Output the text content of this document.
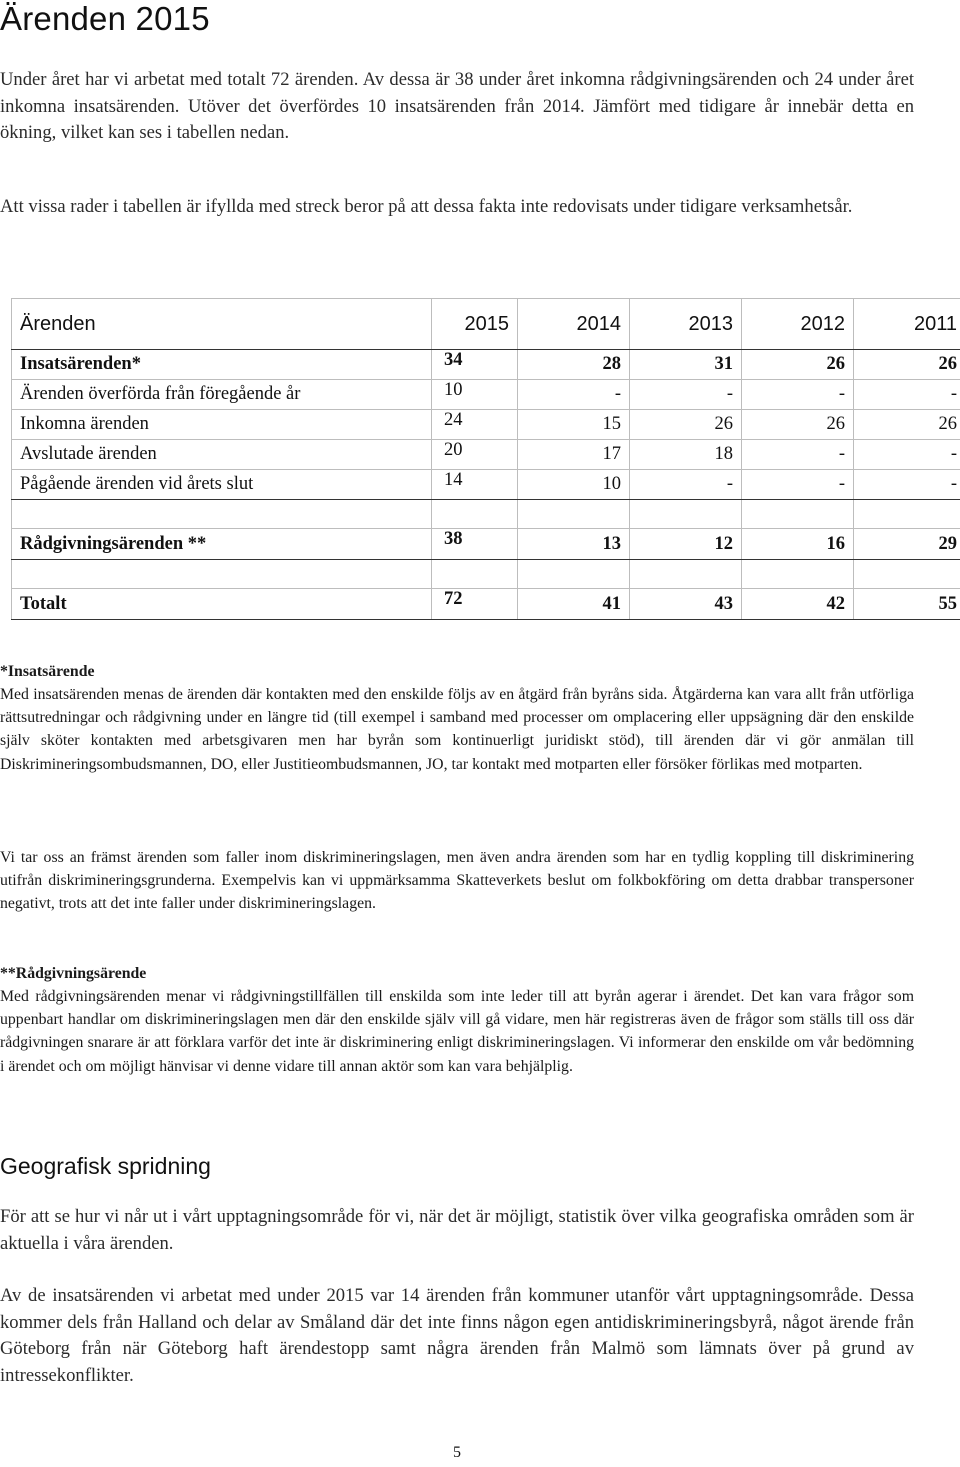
Ärenden 2015

Under året har vi arbetat med totalt 72 ärenden. Av dessa är 38 under året inkomna rådgivningsärenden och 24 under året inkomna insatsärenden. Utöver det överfördes 10 insatsärenden från 2014. Jämfört med tidigare år innebär detta en ökning, vilket kan ses i tabellen nedan.

Att vissa rader i tabellen är ifyllda med streck beror på att dessa fakta inte redovisats under tidigare verksamhetsår.

Ärenden	2015	2014	2013	2012	2011
Insatsärenden*	34	28	31	26	26
Ärenden överförda från föregående år	10	-	-	-	-
Inkomna ärenden	24	15	26	26	26
Avslutade ärenden	20	17	18	-	-
Pågående ärenden vid årets slut	14	10	-	-	-

Rådgivningsärenden **	38	13	12	16	29

Totalt	72	41	43	42	55

*Insatsärende

Med insatsärenden menas de ärenden där kontakten med den enskilde följs av en åtgärd från byråns sida. Åtgärderna kan vara allt från utförliga rättsutredningar och rådgivning under en längre tid (till exempel i samband med processer om omplacering eller uppsägning där den enskilde själv sköter kontakten med arbetsgivaren men har byrån som kontinuerligt juridiskt stöd), till ärenden där vi gör anmälan till Diskrimineringsombudsmannen, DO, eller Justitieombudsmannen, JO, tar kontakt med motparten eller försöker förlikas med motparten.

Vi tar oss an främst ärenden som faller inom diskrimineringslagen, men även andra ärenden som har en tydlig koppling till diskriminering utifrån diskrimineringsgrunderna. Exempelvis kan vi uppmärksamma Skatteverkets beslut om folkbokföring om detta drabbar transpersoner negativt, trots att det inte faller under diskrimineringslagen.

**Rådgivningsärende

Med rådgivningsärenden menar vi rådgivningstillfällen till enskilda som inte leder till att byrån agerar i ärendet. Det kan vara frågor som uppenbart handlar om diskrimineringslagen men där den enskilde själv vill gå vidare, men här registreras även de frågor som ställs till oss där rådgivningen snarare är att förklara varför det inte är diskriminering enligt diskrimineringslagen. Vi informerar den enskilde om vår bedömning i ärendet och om möjligt hänvisar vi denne vidare till annan aktör som kan vara behjälplig.

Geografisk spridning

För att se hur vi når ut i vårt upptagningsområde för vi, när det är möjligt, statistik över vilka geografiska områden som är aktuella i våra ärenden.

Av de insatsärenden vi arbetat med under 2015 var 14 ärenden från kommuner utanför vårt upptagningsområde. Dessa kommer dels från Halland och delar av Småland där det inte finns någon egen antidiskrimineringsbyrå, något ärende från Göteborg från när Göteborg haft ärendestopp samt några ärenden från Malmö som lämnats över på grund av intressekonflikter.

5
